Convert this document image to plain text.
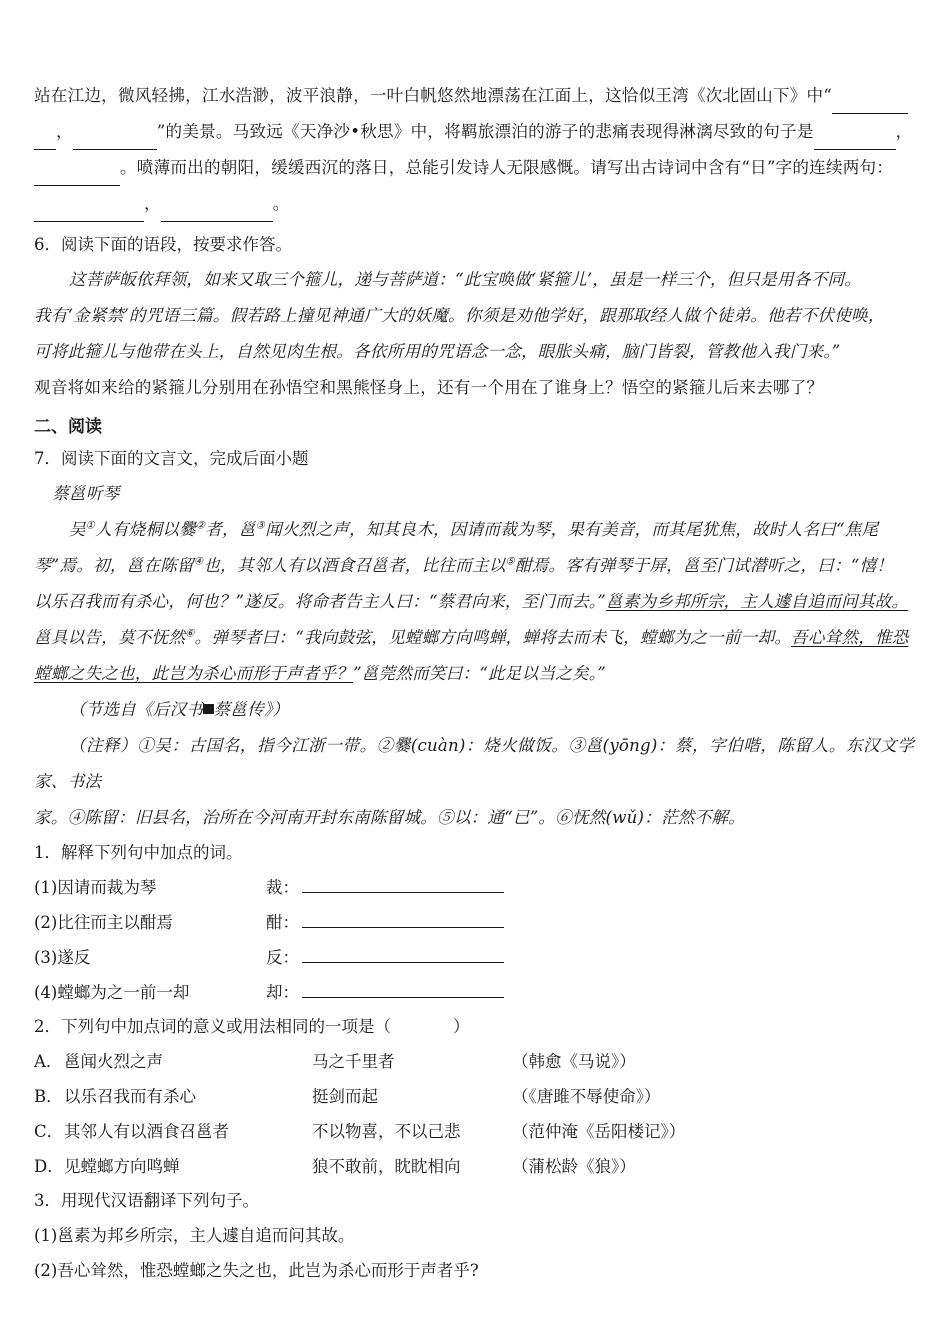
站在江边，微风轻拂，江水浩渺，波平浪静，一叶白帆悠然地漂荡在江面上，这恰似王湾《次北固山下》中“

，	”的美景。马致远《天净沙•秋思》中，将羁旅漂泊的游子的悲痛表现得淋漓尽致的句子是	，

。喷薄而出的朝阳，缓缓西沉的落日，总能引发诗人无限感慨。请写出古诗词中含有“日”字的连续两句：

，	。

6．阅读下面的语段，按要求作答。

这菩萨皈依拜领，如来又取三个箍儿，递与菩萨道：“此宝唤做‘紧箍儿’，虽是一样三个，但只是用各不同。

我有‘金紧禁’的咒语三篇。假若路上撞见神通广大的妖魔。你须是劝他学好，跟那取经人做个徒弟。他若不伏使唤，

可将此箍儿与他带在头上，自然见肉生根。各依所用的咒语念一念，眼胀头痛，脑门皆裂，管教他入我门来。”

观音将如来给的紧箍儿分别用在孙悟空和黑熊怪身上，还有一个用在了谁身上？悟空的紧箍儿后来去哪了？

二、阅读

7．阅读下面的文言文，完成后面小题

蔡邕听琴

吴①人有烧桐以爨②者，邕③闻火烈之声，知其良木，因请而裁为琴，果有美音，而其尾犹焦，故时人名曰“焦尾

琴”焉。初，邕在陈留④也，其邻人有以酒食召邕者，比往而主以⑤酣焉。客有弹琴于屏，邕至门试潜听之，曰：“憘！

以乐召我而有杀心，何也？”遂反。将命者告主人曰：“蔡君向来，至门而去。”邕素为乡邦所宗，主人遽自追而问其故。

邕具以告，莫不怃然⑥。弹琴者曰：“我向鼓弦，见螳螂方向鸣蝉，蝉将去而未飞，螳螂为之一前一却。吾心耸然，惟恐

螳螂之失之也，此岂为杀心而形于声者乎？”邕莞然而笑曰：“此足以当之矣。”

（节选自《后汉书 蔡邕传》）

（注释）①吴：古国名，指今江浙一带。②爨(cuàn)：烧火做饭。③邕(yōng)：蔡，字伯喈，陈留人。东汉文学家、书法

家。④陈留：旧县名，治所在今河南开封东南陈留城。⑤以：通“已”。⑥怃然(wǔ)：茫然不解。

1．解释下列句中加点的词。

(1)因请而裁为琴	裁：
(2)比往而主以酣焉	酣：
(3)遂反	反：
(4)螳螂为之一前一却	却：

2．下列句中加点词的意义或用法相同的一项是（	）

A． 邕闻火烈之声	马之千里者	（韩愈《马说》）
B． 以乐召我而有杀心	挺剑而起	（《唐雎不辱使命》）
C． 其邻人有以酒食召邕者	不以物喜，不以己悲	（范仲淹《岳阳楼记》）
D． 见螳螂方向鸣蝉	狼不敢前，眈眈相向	（蒲松龄《狼》）

3．用现代汉语翻译下列句子。

(1)邕素为邦乡所宗，主人遽自追而问其故。

(2)吾心耸然，惟恐螳螂之失之也，此岂为杀心而形于声者乎?
